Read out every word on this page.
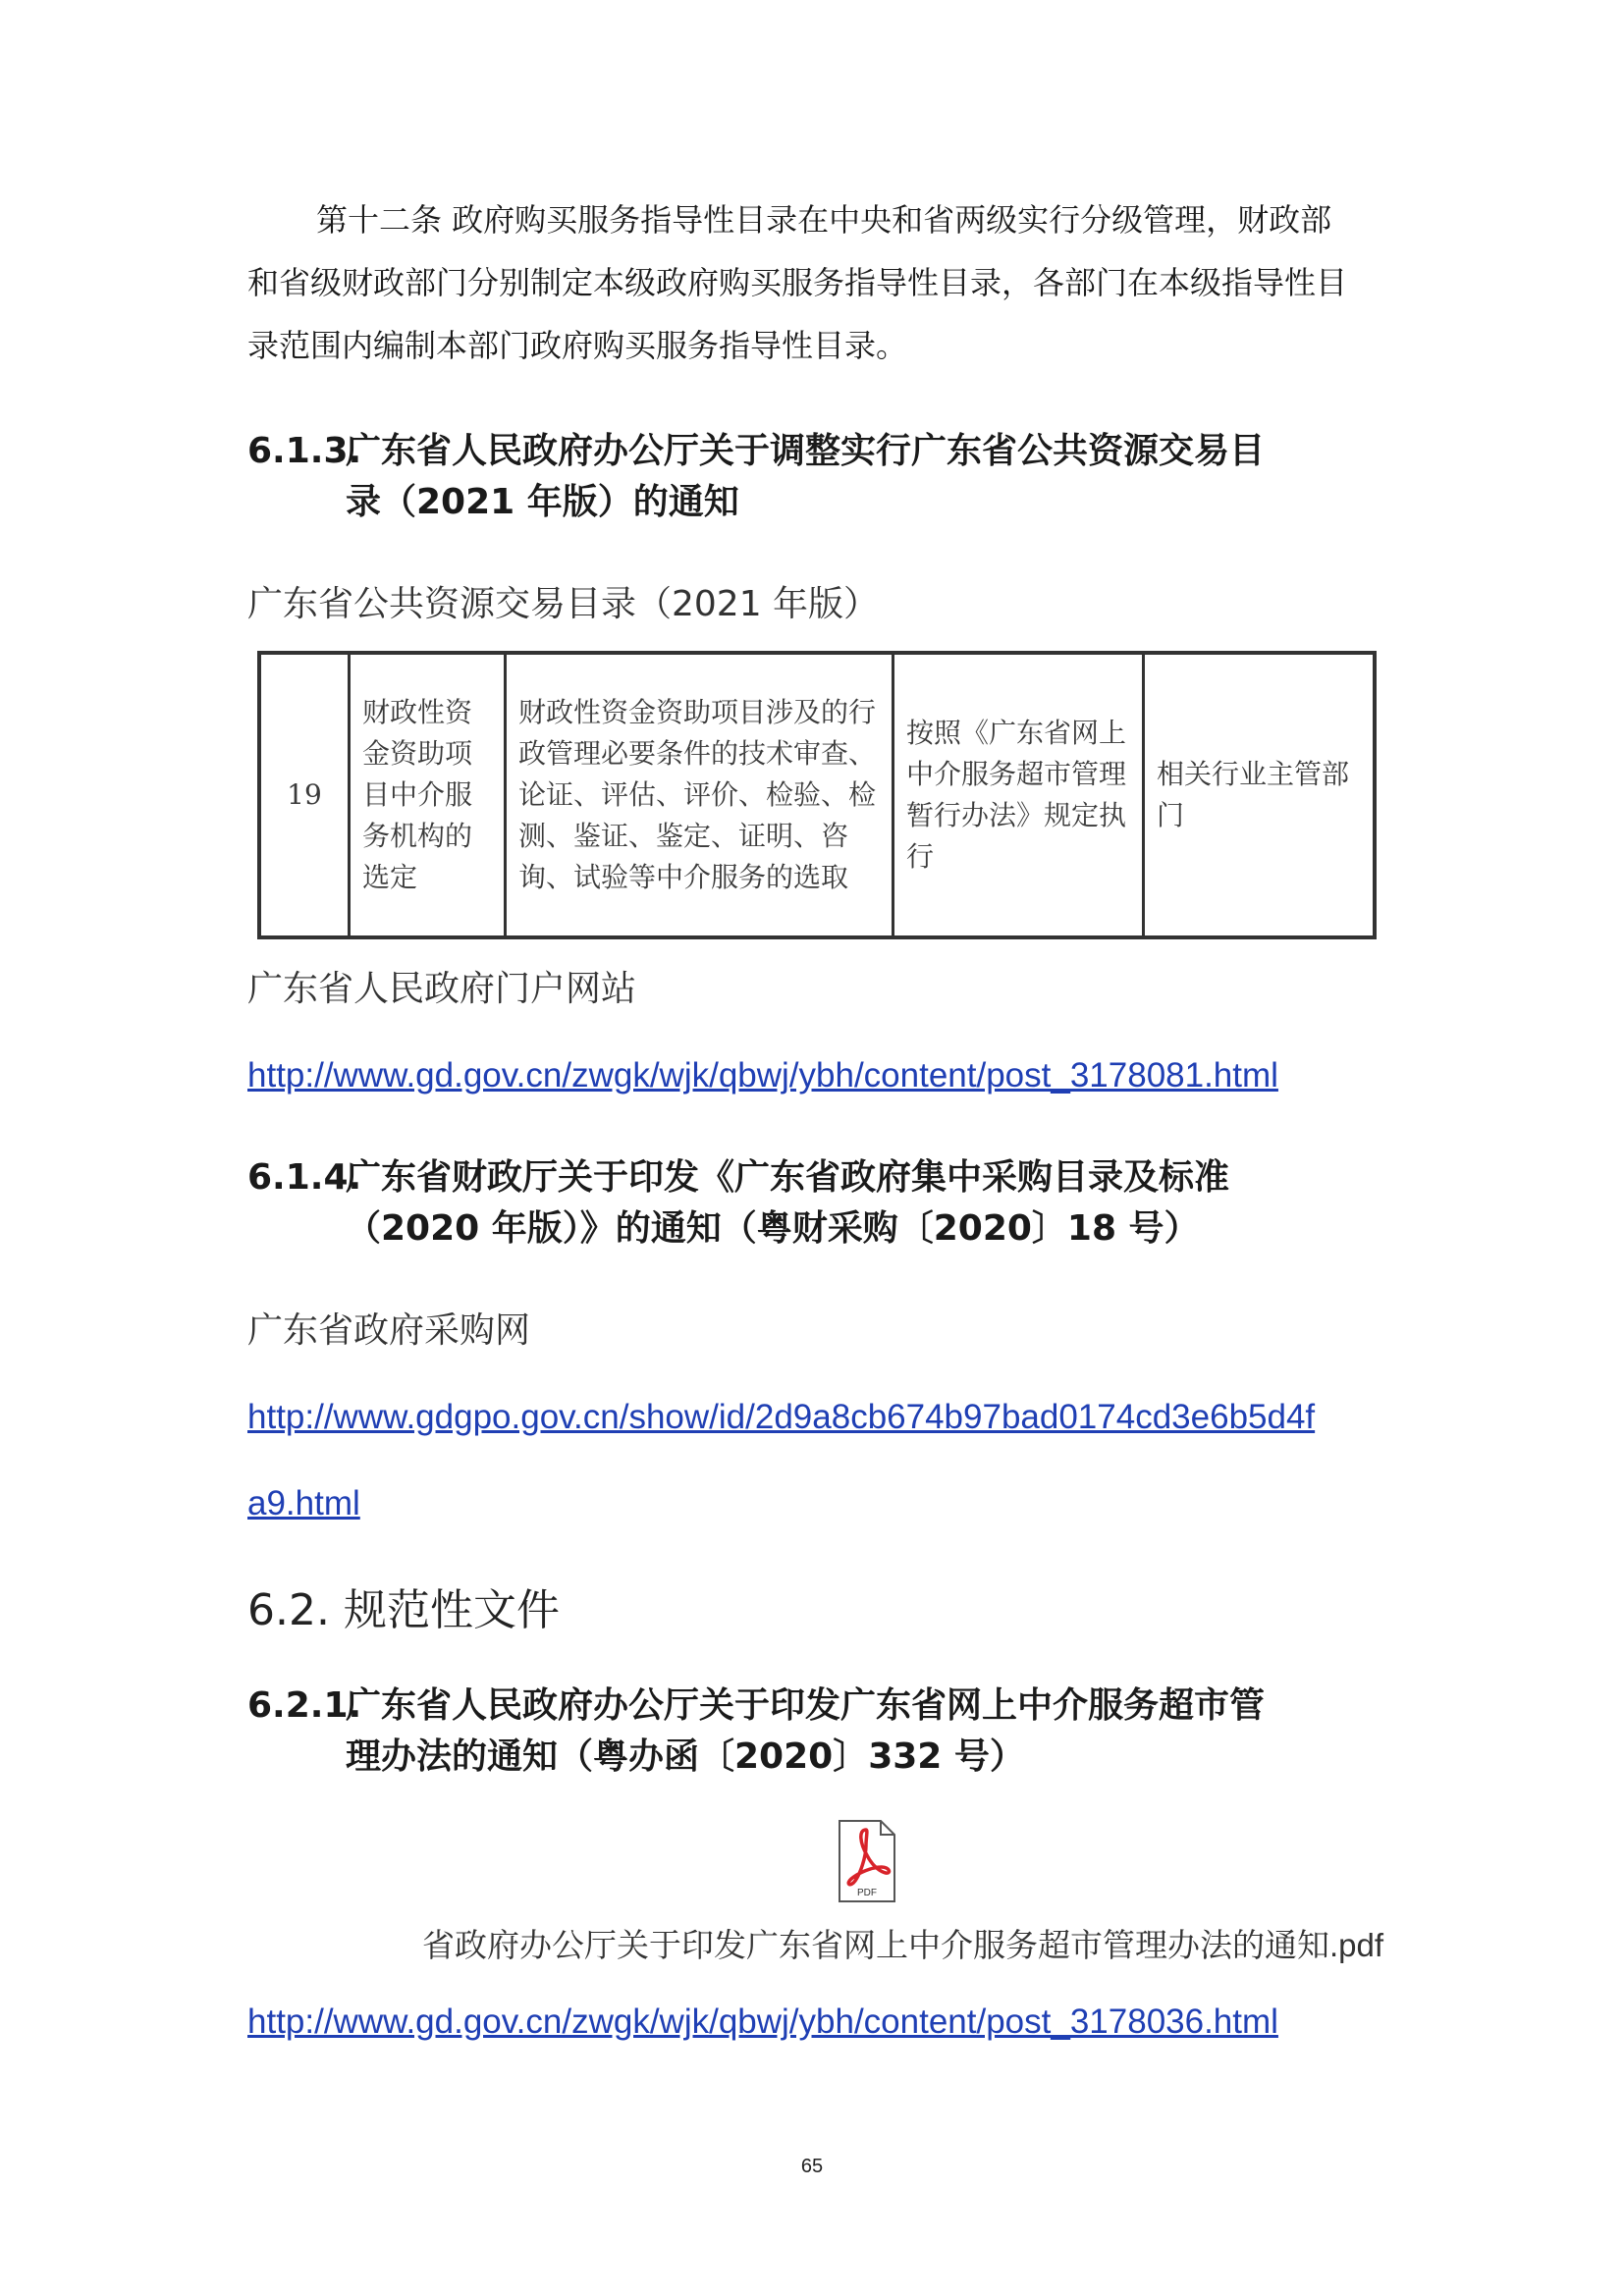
第十二条 政府购买服务指导性目录在中央和省两级实行分级管理，财政部
和省级财政部门分别制定本级政府购买服务指导性目录，各部门在本级指导性目
录范围内编制本部门政府购买服务指导性目录。
6.1.3.
广东省人民政府办公厅关于调整实行广东省公共资源交易目
录（2021 年版）的通知
广东省公共资源交易目录（2021 年版）
19	财政性资金资助项目中介服务机构的选定	财政性资金资助项目涉及的行政管理必要条件的技术审查、论证、评估、评价、检验、检测、鉴证、鉴定、证明、咨询、试验等中介服务的选取	按照《广东省网上中介服务超市管理暂行办法》规定执行	相关行业主管部门
广东省人民政府门户网站
http://www.gd.gov.cn/zwgk/wjk/qbwj/ybh/content/post_3178081.html
6.1.4.
广东省财政厅关于印发《广东省政府集中采购目录及标准
（2020 年版）》的通知（粤财采购〔2020〕18 号）
广东省政府采购网
http://www.gdgpo.gov.cn/show/id/2d9a8cb674b97bad0174cd3e6b5d4f
a9.html
6.2. 规范性文件
6.2.1.
广东省人民政府办公厅关于印发广东省网上中介服务超市管
理办法的通知（粤办函〔2020〕332 号）
PDF
省政府办公厅关于印发广东省网上中介服务超市管理办法的通知.pdf
http://www.gd.gov.cn/zwgk/wjk/qbwj/ybh/content/post_3178036.html
65
